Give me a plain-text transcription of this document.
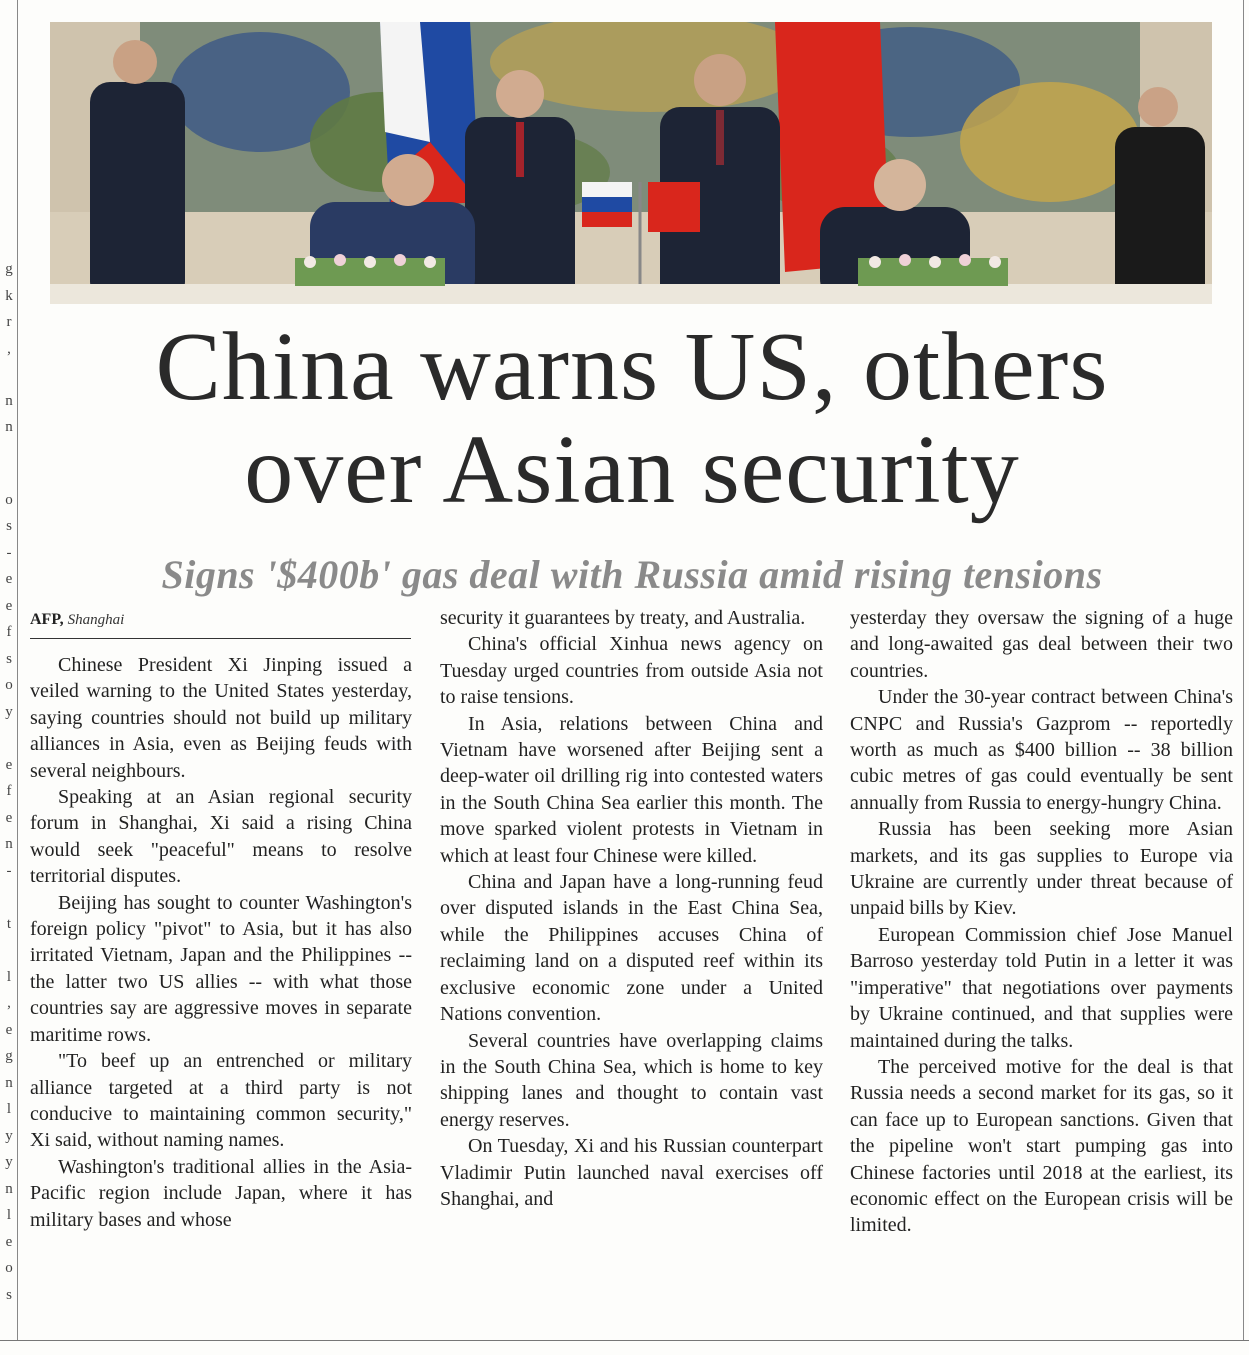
g
k
r
,
n
n
o
s
-
e
e
f
s
o
y
e
f
e
n
-
t
l
,
e
g
n
l
y
y
n
l
e
o
s
China warns US, others
over Asian security
Signs '$400b' gas deal with Russia amid rising tensions
AFP, Shanghai

Chinese President Xi Jinping issued a veiled warning to the United States yesterday, saying countries should not build up military alliances in Asia, even as Beijing feuds with several neighbours.

Speaking at an Asian regional security forum in Shanghai, Xi said a rising China would seek "peaceful" means to resolve territorial disputes.

Beijing has sought to counter Washington's foreign policy "pivot" to Asia, but it has also irritated Vietnam, Japan and the Philippines -- the latter two US allies -- with what those countries say are aggressive moves in separate maritime rows.

"To beef up an entrenched or military alliance targeted at a third party is not conducive to maintaining common security," Xi said, without naming names.

Washington's traditional allies in the Asia-Pacific region include Japan, where it has military bases and whose

security it guarantees by treaty, and Australia.

China's official Xinhua news agency on Tuesday urged countries from outside Asia not to raise tensions.

In Asia, relations between China and Vietnam have worsened after Beijing sent a deep-water oil drilling rig into contested waters in the South China Sea earlier this month. The move sparked violent protests in Vietnam in which at least four Chinese were killed.

China and Japan have a long-running feud over disputed islands in the East China Sea, while the Philippines accuses China of reclaiming land on a disputed reef within its exclusive economic zone under a United Nations convention.

Several countries have overlapping claims in the South China Sea, which is home to key shipping lanes and thought to contain vast energy reserves.

On Tuesday, Xi and his Russian counterpart Vladimir Putin launched naval exercises off Shanghai, and

yesterday they oversaw the signing of a huge and long-awaited gas deal between their two countries.

Under the 30-year contract between China's CNPC and Russia's Gazprom -- reportedly worth as much as $400 billion -- 38 billion cubic metres of gas could eventually be sent annually from Russia to energy-hungry China.

Russia has been seeking more Asian markets, and its gas supplies to Europe via Ukraine are currently under threat because of unpaid bills by Kiev.

European Commission chief Jose Manuel Barroso yesterday told Putin in a letter it was "imperative" that negotiations over payments by Ukraine continued, and that supplies were maintained during the talks.

The perceived motive for the deal is that Russia needs a second market for its gas, so it can face up to European sanctions. Given that the pipeline won't start pumping gas into Chinese factories until 2018 at the earliest, its economic effect on the European crisis will be limited.
